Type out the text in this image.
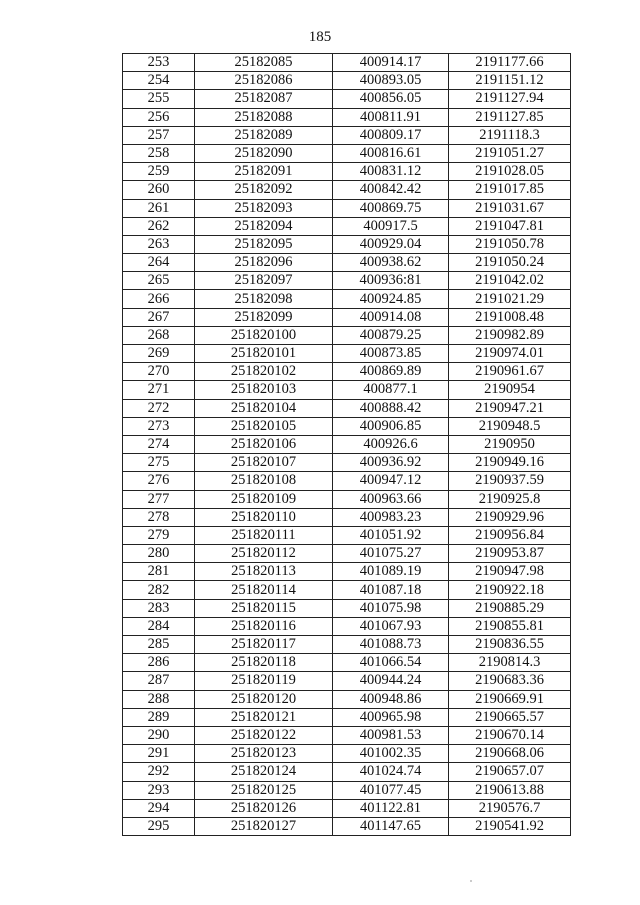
185
253	25182085	400914.17	2191177.66
254	25182086	400893.05	2191151.12
255	25182087	400856.05	2191127.94
256	25182088	400811.91	2191127.85
257	25182089	400809.17	2191118.3
258	25182090	400816.61	2191051.27
259	25182091	400831.12	2191028.05
260	25182092	400842.42	2191017.85
261	25182093	400869.75	2191031.67
262	25182094	400917.5	2191047.81
263	25182095	400929.04	2191050.78
264	25182096	400938.62	2191050.24
265	25182097	400936:81	2191042.02
266	25182098	400924.85	2191021.29
267	25182099	400914.08	2191008.48
268	251820100	400879.25	2190982.89
269	251820101	400873.85	2190974.01
270	251820102	400869.89	2190961.67
271	251820103	400877.1	2190954
272	251820104	400888.42	2190947.21
273	251820105	400906.85	2190948.5
274	251820106	400926.6	2190950
275	251820107	400936.92	2190949.16
276	251820108	400947.12	2190937.59
277	251820109	400963.66	2190925.8
278	251820110	400983.23	2190929.96
279	251820111	401051.92	2190956.84
280	251820112	401075.27	2190953.87
281	251820113	401089.19	2190947.98
282	251820114	401087.18	2190922.18
283	251820115	401075.98	2190885.29
284	251820116	401067.93	2190855.81
285	251820117	401088.73	2190836.55
286	251820118	401066.54	2190814.3
287	251820119	400944.24	2190683.36
288	251820120	400948.86	2190669.91
289	251820121	400965.98	2190665.57
290	251820122	400981.53	2190670.14
291	251820123	401002.35	2190668.06
292	251820124	401024.74	2190657.07
293	251820125	401077.45	2190613.88
294	251820126	401122.81	2190576.7
295	251820127	401147.65	2190541.92
